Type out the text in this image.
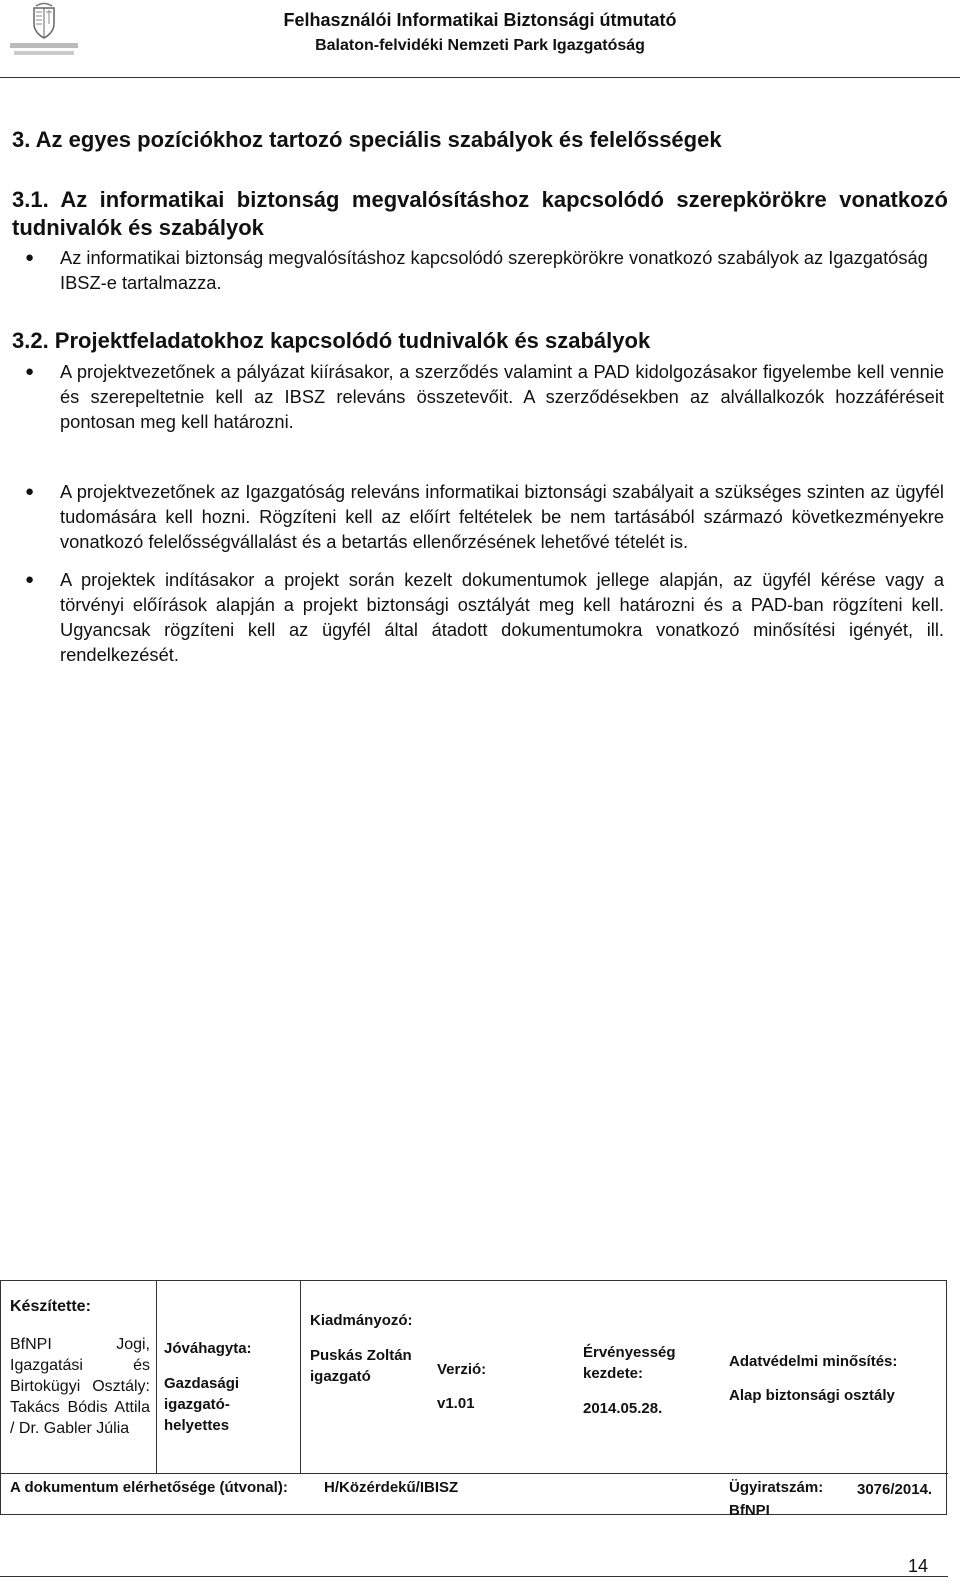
Felhasználói Informatikai Biztonsági útmutató
Balaton-felvidéki Nemzeti Park Igazgatóság
3. Az egyes pozíciókhoz tartozó speciális szabályok és felelősségek
3.1. Az informatikai biztonság megvalósításhoz kapcsolódó szerepkörökre vonatkozó tudnivalók és szabályok
● Az informatikai biztonság megvalósításhoz kapcsolódó szerepkörökre vonatkozó szabályok az Igazgatóság IBSZ-e tartalmazza.
3.2. Projektfeladatokhoz kapcsolódó tudnivalók és szabályok
● A projektvezetőnek a pályázat kiírásakor, a szerződés valamint a PAD kidolgozásakor figyelembe kell vennie és szerepeltetnie kell az IBSZ releváns összetevőit. A szerződésekben az alvállalkozók hozzáféréseit pontosan meg kell határozni.
● A projektvezetőnek az Igazgatóság releváns informatikai biztonsági szabályait a szükséges szinten az ügyfél tudomására kell hozni. Rögzíteni kell az előírt feltételek be nem tartásából származó következményekre vonatkozó felelősségvállalást és a betartás ellenőrzésének lehetővé tételét is.
● A projektek indításakor a projekt során kezelt dokumentumok jellege alapján, az ügyfél kérése vagy a törvényi előírások alapján a projekt biztonsági osztályát meg kell határozni és a PAD-ban rögzíteni kell. Ugyancsak rögzíteni kell az ügyfél által átadott dokumentumokra vonatkozó minősítési igényét, ill. rendelkezését.
Készítette:
BfNPI Jogi, Igazgatási és Birtokügyi Osztály: Takács Bódis Attila / Dr. Gabler Júlia
Jóváhagyta:
Gazdasági igazgató-helyettes
Kiadmányozó:
Puskás Zoltán igazgató	Verzió:
v1.01
Érvényesség kezdete:
2014.05.28.
Adatvédelmi minősítés:
Alap biztonsági osztály
A dokumentum elérhetősége (útvonal): H/Közérdekű/IBISZ	Ügyiratszám:	3076/2014. BfNPI
14
